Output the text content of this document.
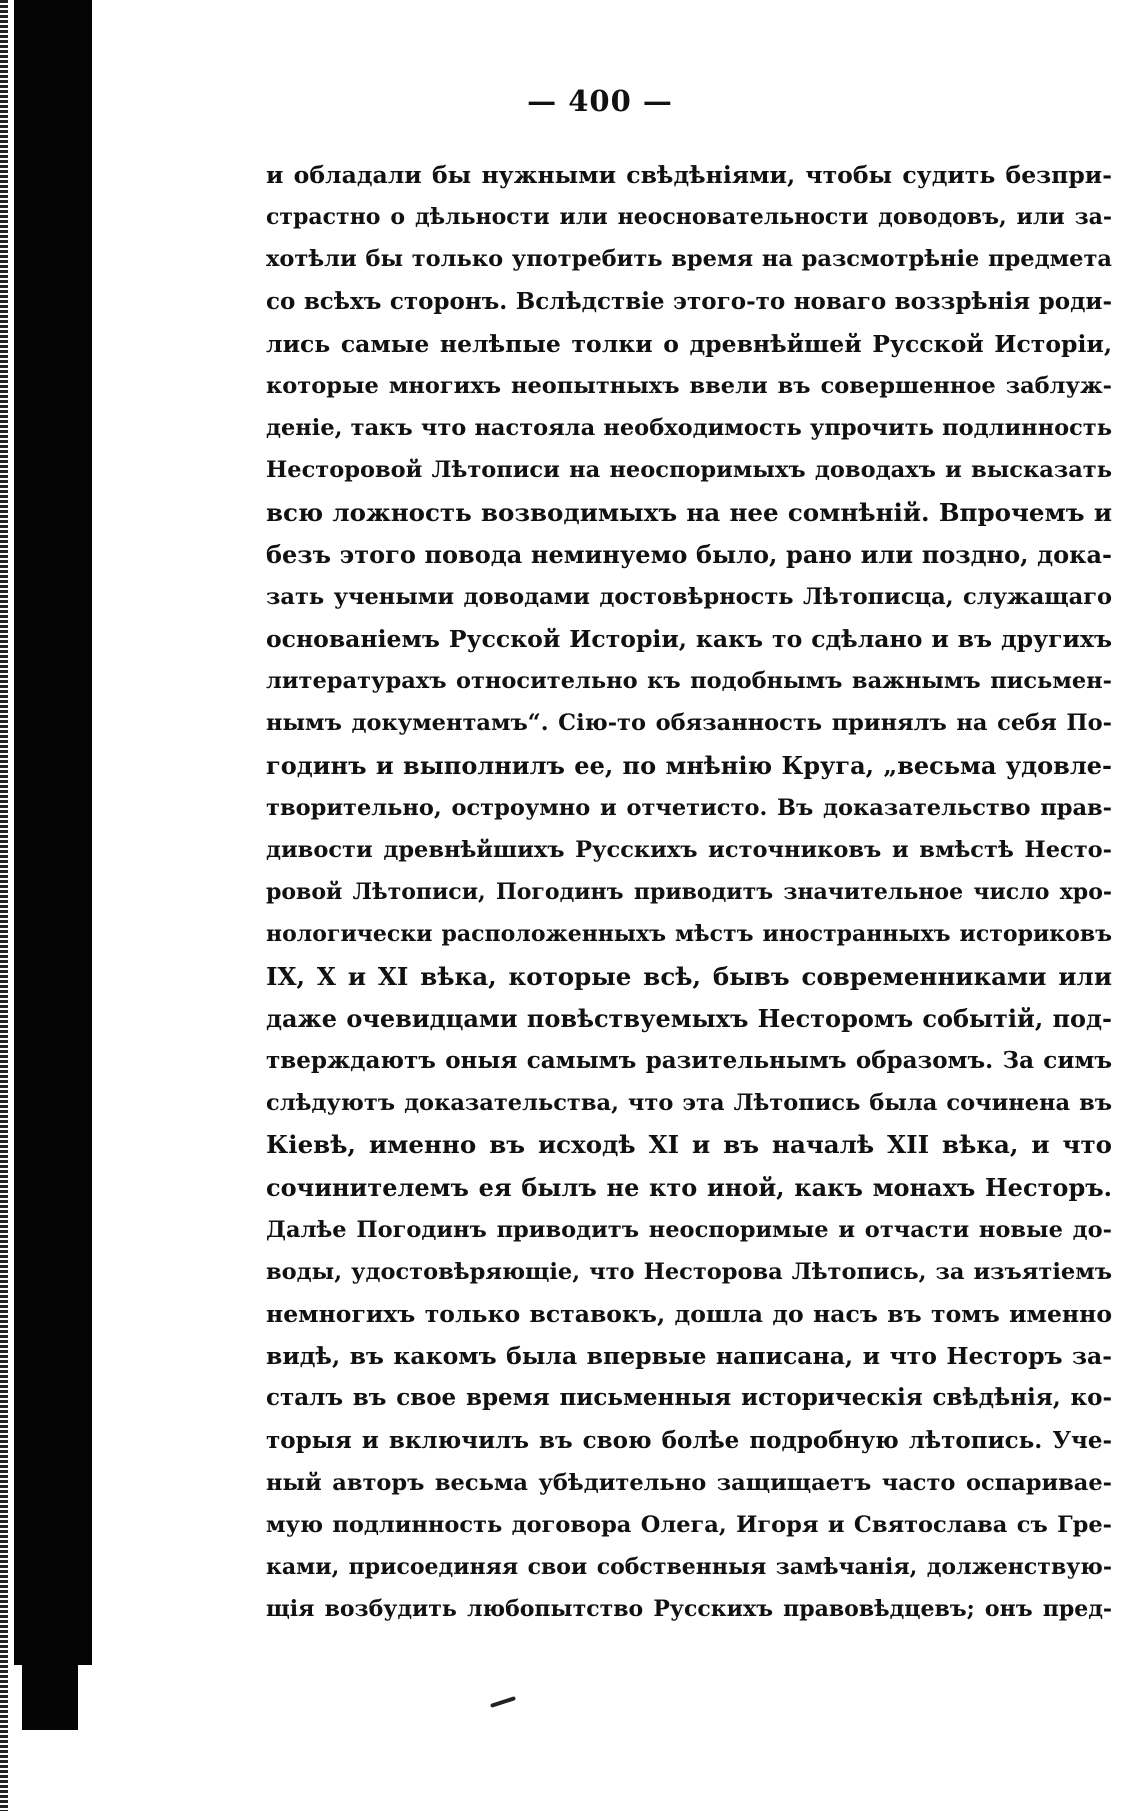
— 400 —
и обладали бы нужными свѣдѣніями, чтобы судить безпри-
страстно о дѣльности или неосновательности доводовъ, или за-
хотѣли бы только употребить время на разсмотрѣніе предмета
со всѣхъ сторонъ. Вслѣдствіе этого-то новаго воззрѣнія роди-
лись самые нелѣпые толки о древнѣйшей Русской Исторіи,
которые многихъ неопытныхъ ввели въ совершенное заблуж-
деніе, такъ что настояла необходимость упрочить подлинность
Несторовой Лѣтописи на неоспоримыхъ доводахъ и высказать
всю ложность возводимыхъ на нее сомнѣній. Впрочемъ и
безъ этого повода неминуемо было, рано или поздно, дока-
зать учеными доводами достовѣрность Лѣтописца, служащаго
основаніемъ Русской Исторіи, какъ то сдѣлано и въ другихъ
литературахъ относительно къ подобнымъ важнымъ письмен-
нымъ документамъ“. Сію-то обязанность принялъ на себя По-
годинъ и выполнилъ ее, по мнѣнію Круга, „весьма удовле-
творительно, остроумно и отчетисто. Въ доказательство прав-
дивости древнѣйшихъ Русскихъ источниковъ и вмѣстѣ Несто-
ровой Лѣтописи, Погодинъ приводитъ значительное число хро-
нологически расположенныхъ мѣстъ иностранныхъ историковъ
IX, X и XI вѣка, которые всѣ, бывъ современниками или
даже очевидцами повѣствуемыхъ Несторомъ событій, под-
тверждаютъ оныя самымъ разительнымъ образомъ. За симъ
слѣдуютъ доказательства, что эта Лѣтопись была сочинена въ
Кіевѣ, именно въ исходѣ XI и въ началѣ XII вѣка, и что
сочинителемъ ея былъ не кто иной, какъ монахъ Несторъ.
Далѣе Погодинъ приводитъ неоспоримые и отчасти новые до-
воды, удостовѣряющіе, что Несторова Лѣтопись, за изъятіемъ
немногихъ только вставокъ, дошла до насъ въ томъ именно
видѣ, въ какомъ была впервые написана, и что Несторъ за-
сталъ въ свое время письменныя историческія свѣдѣнія, ко-
торыя и включилъ въ свою болѣе подробную лѣтопись. Уче-
ный авторъ весьма убѣдительно защищаетъ часто оспаривае-
мую подлинность договора Олега, Игоря и Святослава съ Гре-
ками, присоединяя свои собственныя замѣчанія, долженствую-
щія возбудить любопытство Русскихъ правовѣдцевъ; онъ пред-
